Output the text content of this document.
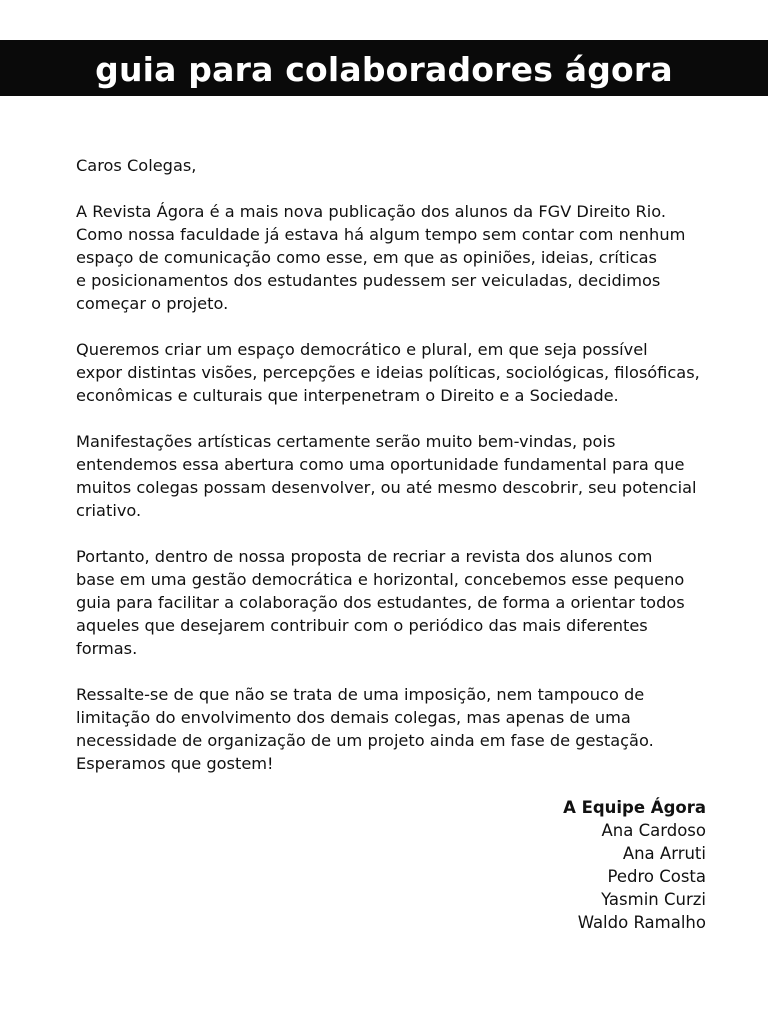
guia para colaboradores ágora
Caros Colegas,
A Revista Ágora é a mais nova publicação dos alunos da FGV Direito Rio.
Como nossa faculdade já estava há algum tempo sem contar com nenhum
espaço de comunicação como esse, em que as opiniões, ideias, críticas
e posicionamentos dos estudantes pudessem ser veiculadas, decidimos
começar o projeto.
Queremos criar um espaço democrático e plural, em que seja possível
expor distintas visões, percepções e ideias políticas, sociológicas, filosóficas,
econômicas e culturais que interpenetram o Direito e a Sociedade.
Manifestações artísticas certamente serão muito bem-vindas, pois
entendemos essa abertura como uma oportunidade fundamental para que
muitos colegas possam desenvolver, ou até mesmo descobrir, seu potencial
criativo.
Portanto, dentro de nossa proposta de recriar a revista dos alunos com
base em uma gestão democrática e horizontal, concebemos esse pequeno
guia para facilitar a colaboração dos estudantes, de forma a orientar todos
aqueles que desejarem contribuir com o periódico das mais diferentes
formas.
Ressalte-se de que não se trata de uma imposição, nem tampouco de
limitação do envolvimento dos demais colegas, mas apenas de uma
necessidade de organização de um projeto ainda em fase de gestação.
Esperamos que gostem!
A Equipe Ágora
Ana Cardoso
Ana Arruti
Pedro Costa
Yasmin Curzi
Waldo Ramalho
